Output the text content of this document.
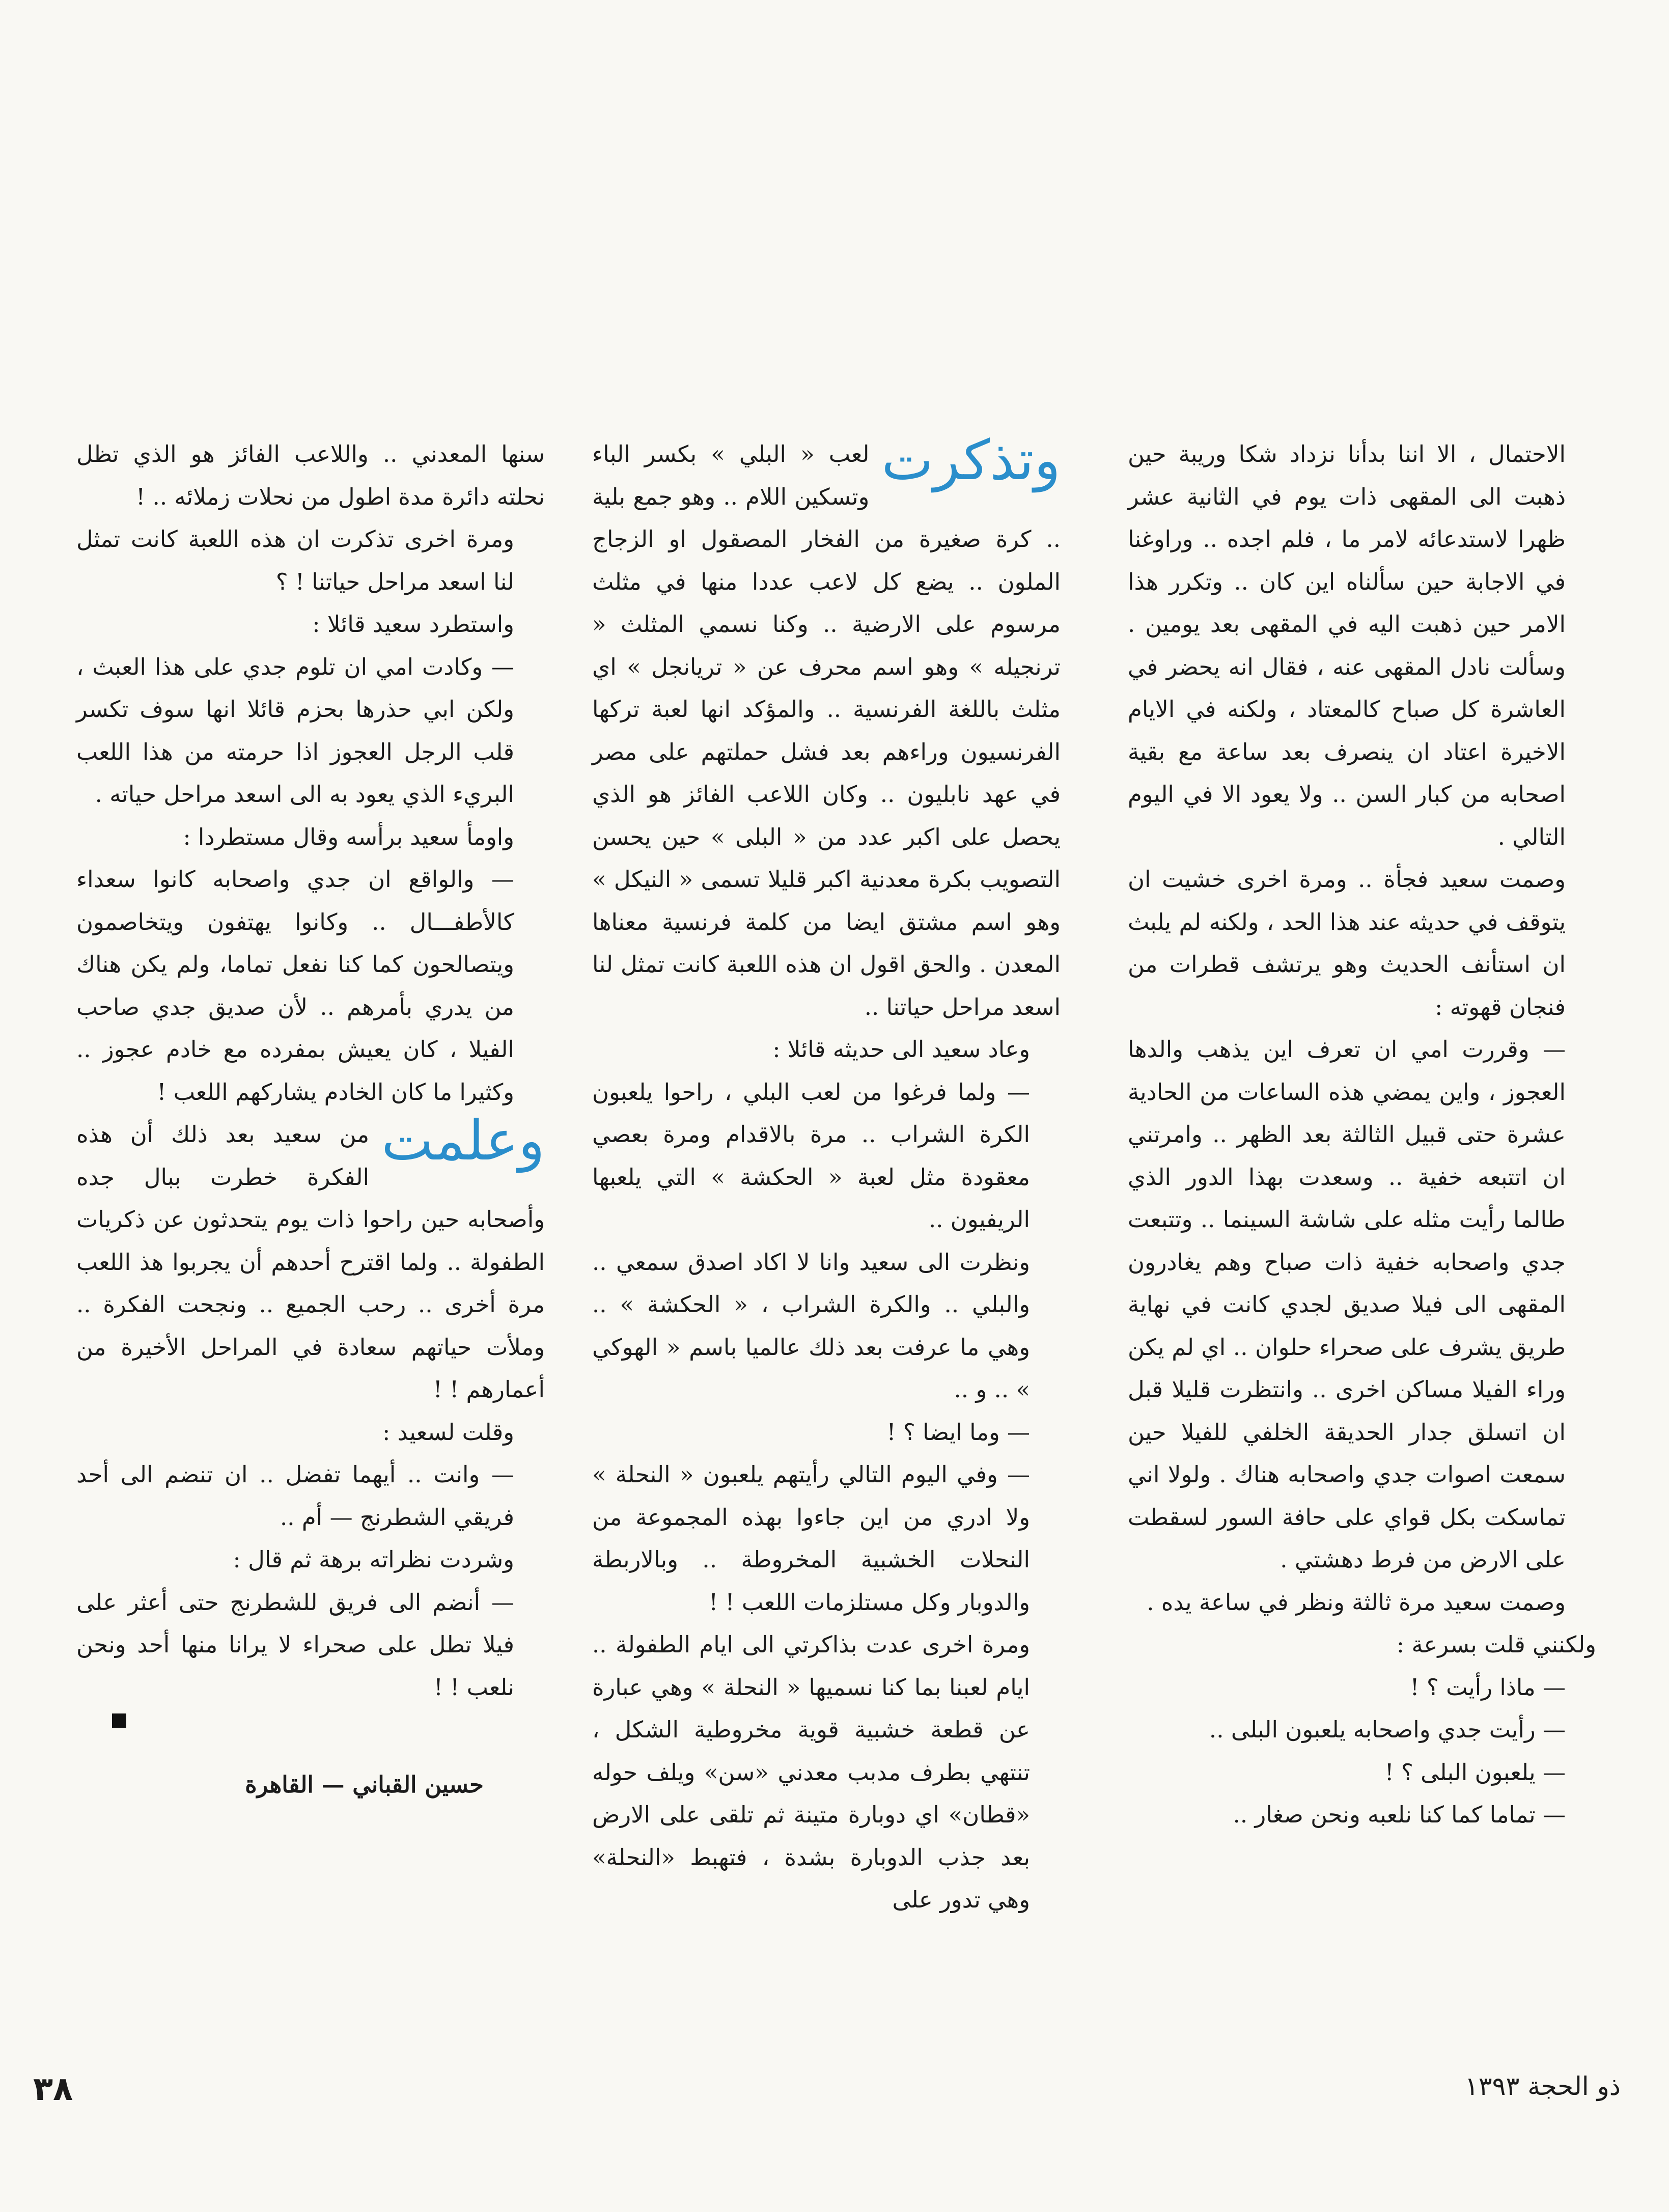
الاحتمال ، الا اننا بدأنا نزداد شكا وريبة حين ذهبت الى المقهى ذات يوم في الثانية عشر ظهرا لاستدعائه لامر ما ، فلم اجده .. وراوغنا في الاجابة حين سألناه اين كان .. وتكرر هذا الامر حين ذهبت اليه في المقهى بعد يومين . وسألت نادل المقهى عنه ، فقال انه يحضر في العاشرة كل صباح كالمعتاد ، ولكنه في الايام الاخيرة اعتاد ان ينصرف بعد ساعة مع بقية اصحابه من كبار السن .. ولا يعود الا في اليوم التالي .

وصمت سعيد فجأة .. ومرة اخرى خشيت ان يتوقف في حديثه عند هذا الحد ، ولكنه لم يلبث ان استأنف الحديث وهو يرتشف قطرات من فنجان قهوته :

— وقررت امي ان تعرف اين يذهب والدها العجوز ، واين يمضي هذه الساعات من الحادية عشرة حتى قبيل الثالثة بعد الظهر .. وامرتني ان اتتبعه خفية .. وسعدت بهذا الدور الذي طالما رأيت مثله على شاشة السينما .. وتتبعت جدي واصحابه خفية ذات صباح وهم يغادرون المقهى الى فيلا صديق لجدي كانت في نهاية طريق يشرف على صحراء حلوان .. اي لم يكن وراء الفيلا مساكن اخرى .. وانتظرت قليلا قبل ان اتسلق جدار الحديقة الخلفي للفيلا حين سمعت اصوات جدي واصحابه هناك . ولولا اني تماسكت بكل قواي على حافة السور لسقطت على الارض من فرط دهشتي .

وصمت سعيد مرة ثالثة ونظر في ساعة يده .

ولكنني قلت بسرعة :

— ماذا رأيت ؟ !

— رأيت جدي واصحابه يلعبون البلى ..

— يلعبون البلى ؟ !

— تماما كما كنا نلعبه ونحن صغار ..

وتذكرت

لعب « البلي » بكسر الباء وتسكين اللام .. وهو جمع بلية .. كرة صغيرة من الفخار المصقول او الزجاج الملون .. يضع كل لاعب عددا منها في مثلث مرسوم على الارضية .. وكنا نسمي المثلث « ترنجيله » وهو اسم محرف عن « تريانجل » اي مثلث باللغة الفرنسية .. والمؤكد انها لعبة تركها الفرنسيون وراءهم بعد فشل حملتهم على مصر في عهد نابليون .. وكان اللاعب الفائز هو الذي يحصل على اكبر عدد من « البلى » حين يحسن التصويب بكرة معدنية اكبر قليلا تسمى « النيكل » وهو اسم مشتق ايضا من كلمة فرنسية معناها المعدن . والحق اقول ان هذه اللعبة كانت تمثل لنا اسعد مراحل حياتنا ..

وعاد سعيد الى حديثه قائلا :

— ولما فرغوا من لعب البلي ، راحوا يلعبون الكرة الشراب .. مرة بالاقدام ومرة بعصي معقودة مثل لعبة « الحكشة » التي يلعبها الريفيون ..

ونظرت الى سعيد وانا لا اكاد اصدق سمعي .. والبلي .. والكرة الشراب ، « الحكشة » .. وهي ما عرفت بعد ذلك عالميا باسم « الهوكي » .. و ..

— وما ايضا ؟ !

— وفي اليوم التالي رأيتهم يلعبون « النحلة » ولا ادري من اين جاءوا بهذه المجموعة من النحلات الخشبية المخروطة .. وبالاربطة والدوبار وكل مستلزمات اللعب ! !

ومرة اخرى عدت بذاكرتي الى ايام الطفولة .. ايام لعبنا بما كنا نسميها « النحلة » وهي عبارة عن قطعة خشبية قوية مخروطية الشكل ، تنتهي بطرف مدبب معدني «سن» ويلف حوله «قطان» اي دوبارة متينة ثم تلقى على الارض بعد جذب الدوبارة بشدة ، فتهبط «النحلة» وهي تدور على

سنها المعدني .. واللاعب الفائز هو الذي تظل نحلته دائرة مدة اطول من نحلات زملائه .. !

ومرة اخرى تذكرت ان هذه اللعبة كانت تمثل لنا اسعد مراحل حياتنا ! ؟

واستطرد سعيد قائلا :

— وكادت امي ان تلوم جدي على هذا العبث ، ولكن ابي حذرها بحزم قائلا انها سوف تكسر قلب الرجل العجوز اذا حرمته من هذا اللعب البريء الذي يعود به الى اسعد مراحل حياته .

واومأ سعيد برأسه وقال مستطردا :

— والواقع ان جدي واصحابه كانوا سعداء كالأطفـــال .. وكانوا يهتفون ويتخاصمون ويتصالحون كما كنا نفعل تماما، ولم يكن هناك من يدري بأمرهم .. لأن صديق جدي صاحب الفيلا ، كان يعيش بمفرده مع خادم عجوز .. وكثيرا ما كان الخادم يشاركهم اللعب !

وعلمت

من سعيد بعد ذلك أن هذه الفكرة خطرت ببال جده وأصحابه حين راحوا ذات يوم يتحدثون عن ذكريات الطفولة .. ولما اقترح أحدهم أن يجربوا هذ اللعب مرة أخرى .. رحب الجميع .. ونجحت الفكرة .. وملأت حياتهم سعادة في المراحل الأخيرة من أعمارهم ! !

وقلت لسعيد :

— وانت .. أيهما تفضل .. ان تنضم الى أحد فريقي الشطرنج — أم ..

وشردت نظراته برهة ثم قال :

— أنضم الى فريق للشطرنج حتى أعثر على فيلا تطل على صحراء لا يرانا منها أحد ونحن نلعب ! !

حسين القباني — القاهرة

٣٨	ذو الحجة ١٣٩٣
